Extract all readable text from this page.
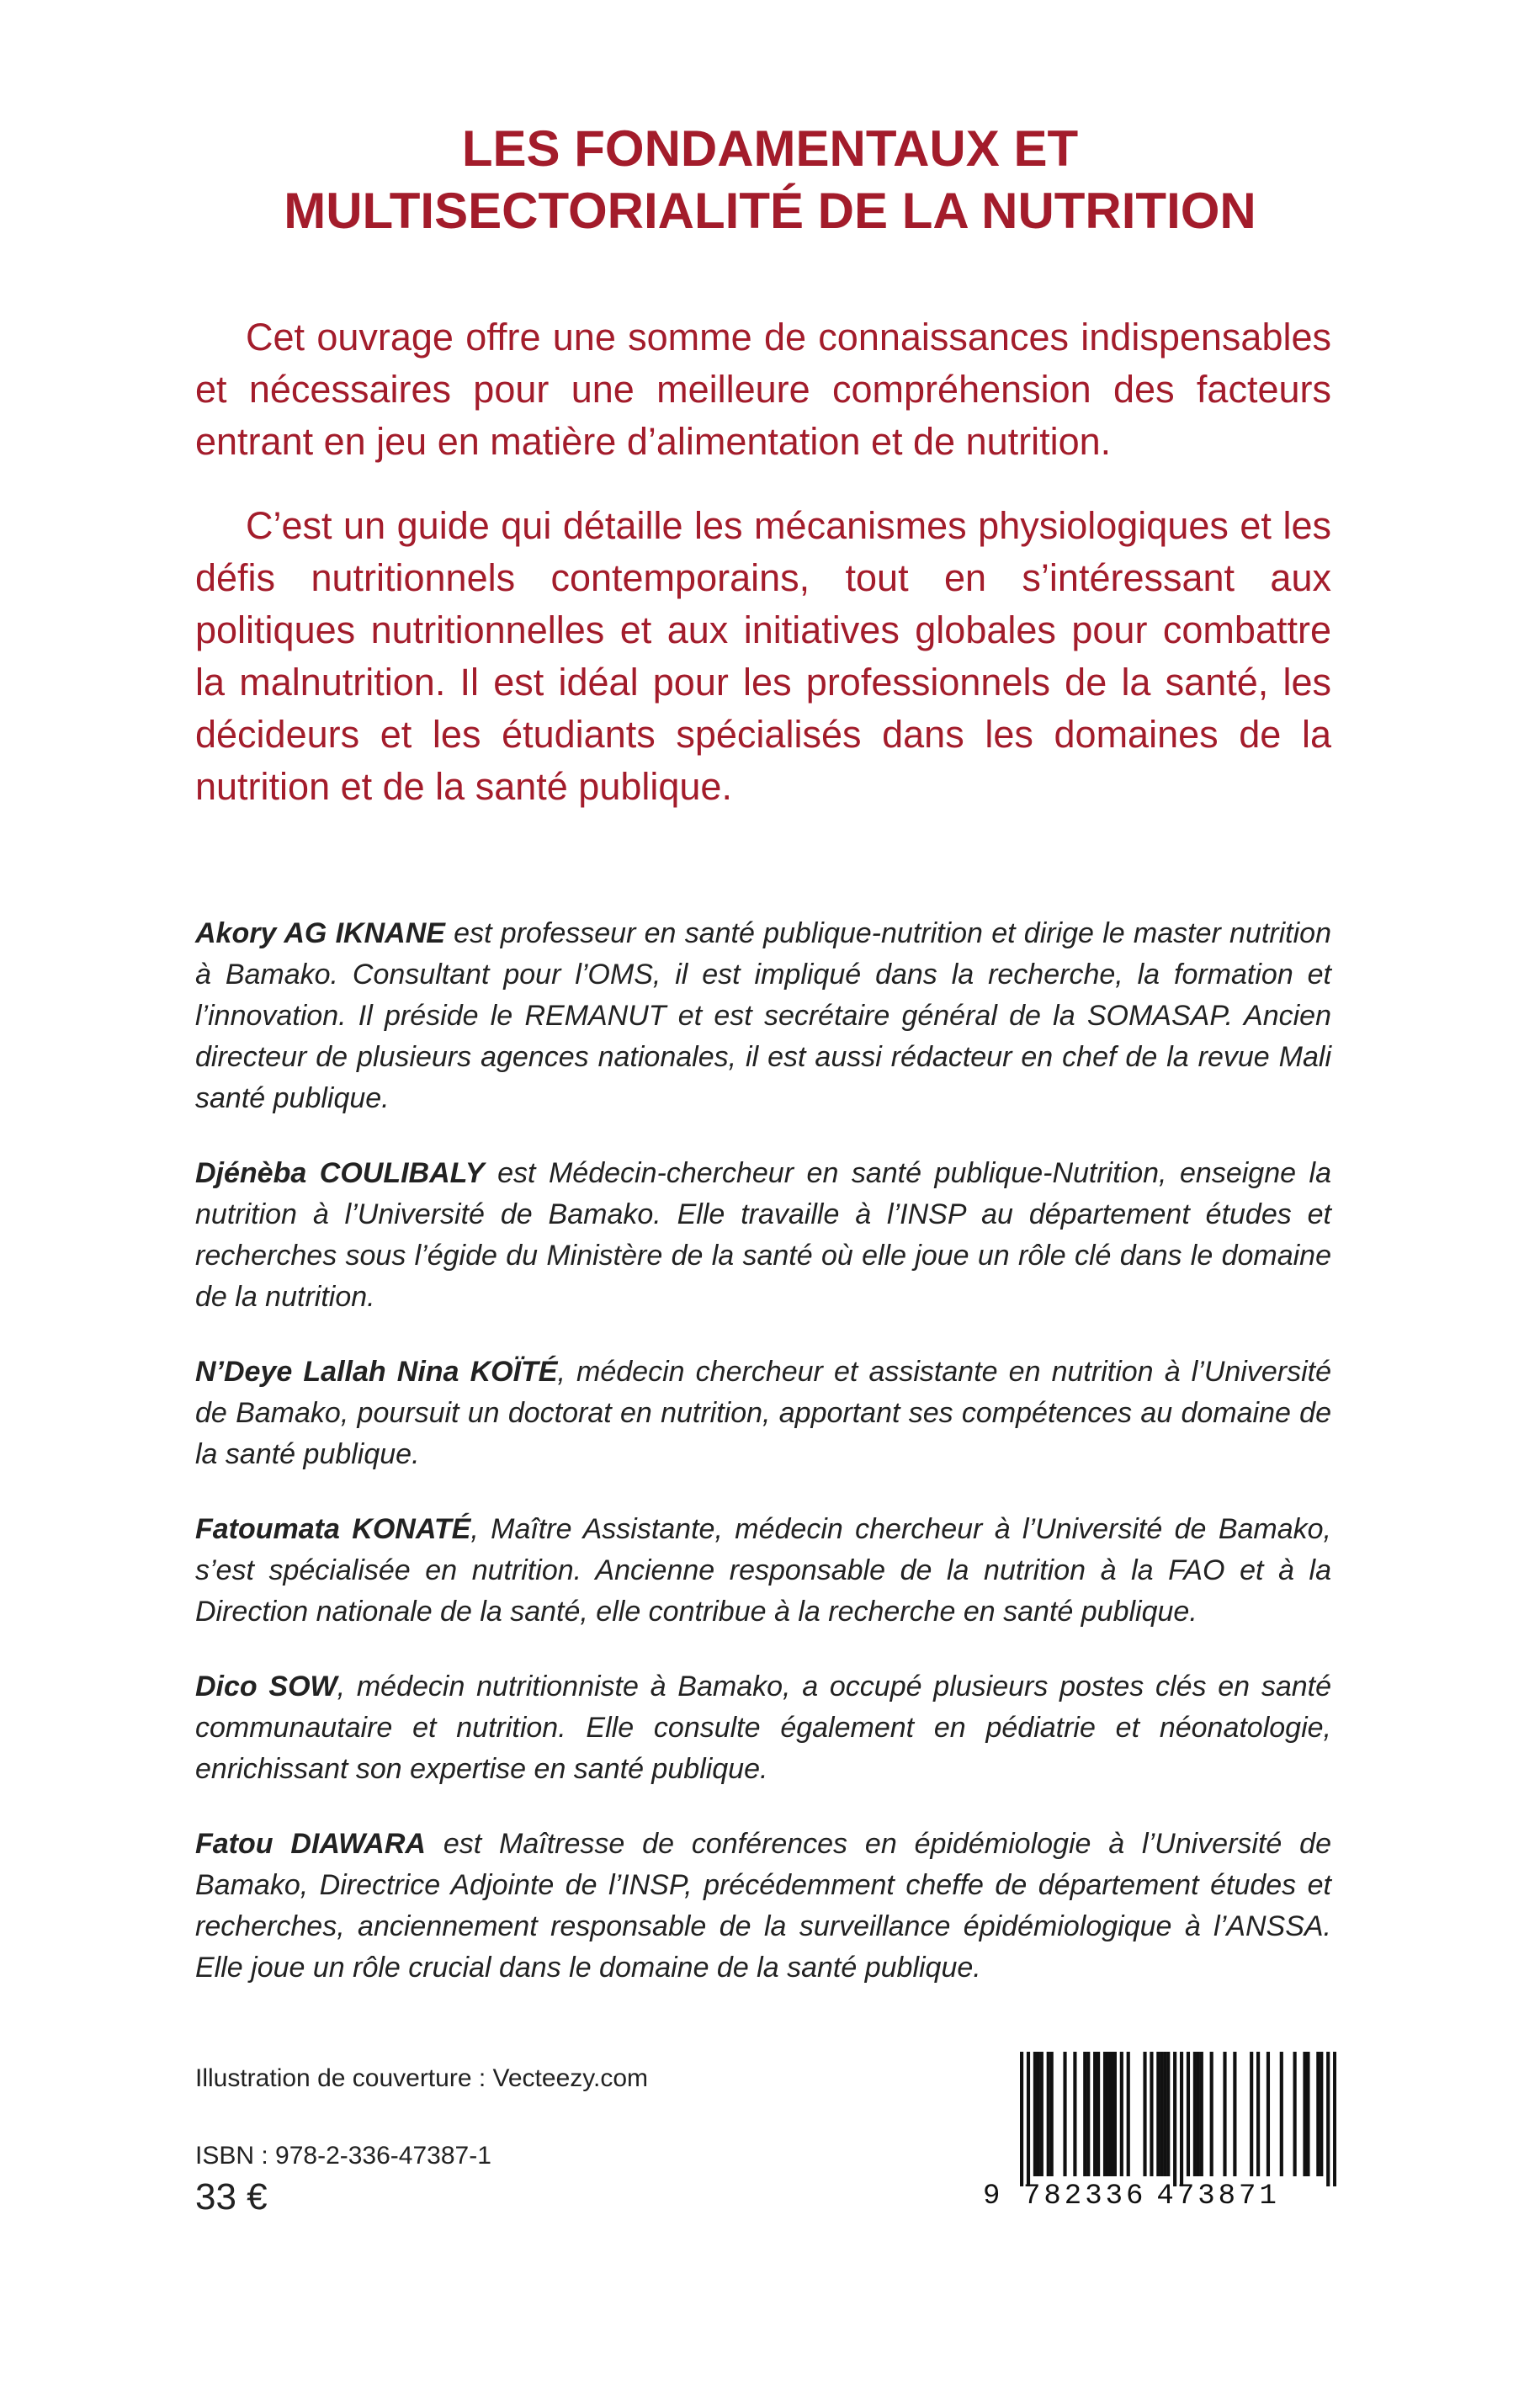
LES FONDAMENTAUX ET
MULTISECTORIALITÉ DE LA NUTRITION

Cet ouvrage offre une somme de connaissances indispensables et nécessaires pour une meilleure compréhension des facteurs entrant en jeu en matière d’alimentation et de nutrition.

C’est un guide qui détaille les mécanismes physiologiques et les défis nutritionnels contemporains, tout en s’intéressant aux politiques nutritionnelles et aux initiatives globales pour combattre la malnutrition. Il est idéal pour les professionnels de la santé, les décideurs et les étudiants spécialisés dans les domaines de la nutrition et de la santé publique.

Akory AG IKNANE est professeur en santé publique-nutrition et dirige le master nutrition à Bamako. Consultant pour l’OMS, il est impliqué dans la recherche, la formation et l’innovation. Il préside le REMANUT et est secrétaire général de la SOMASAP. Ancien directeur de plusieurs agences nationales, il est aussi rédacteur en chef de la revue Mali santé publique.

Djénèba COULIBALY est Médecin-chercheur en santé publique-Nutrition, enseigne la nutrition à l’Université de Bamako. Elle travaille à l’INSP au département études et recherches sous l’égide du Ministère de la santé où elle joue un rôle clé dans le domaine de la nutrition.

N’Deye Lallah Nina KOÏTÉ, médecin chercheur et assistante en nutrition à l’Université de Bamako, poursuit un doctorat en nutrition, apportant ses compétences au domaine de la santé publique.

Fatoumata KONATÉ, Maître Assistante, médecin chercheur à l’Université de Bamako, s’est spécialisée en nutrition. Ancienne responsable de la nutrition à la FAO et à la Direction nationale de la santé, elle contribue à la recherche en santé publique.

Dico SOW, médecin nutritionniste à Bamako, a occupé plusieurs postes clés en santé communautaire et nutrition. Elle consulte également en pédiatrie et néonatologie, enrichissant son expertise en santé publique.

Fatou DIAWARA est Maîtresse de conférences en épidémiologie à l’Université de Bamako, Directrice Adjointe de l’INSP, précédemment cheffe de département études et recherches, anciennement responsable de la surveillance épidémiologique à l’ANSSA. Elle joue un rôle crucial dans le domaine de la santé publique.

Illustration de couverture : Vecteezy.com
ISBN : 978-2-336-47387-1
33 €	9 782336 473871
